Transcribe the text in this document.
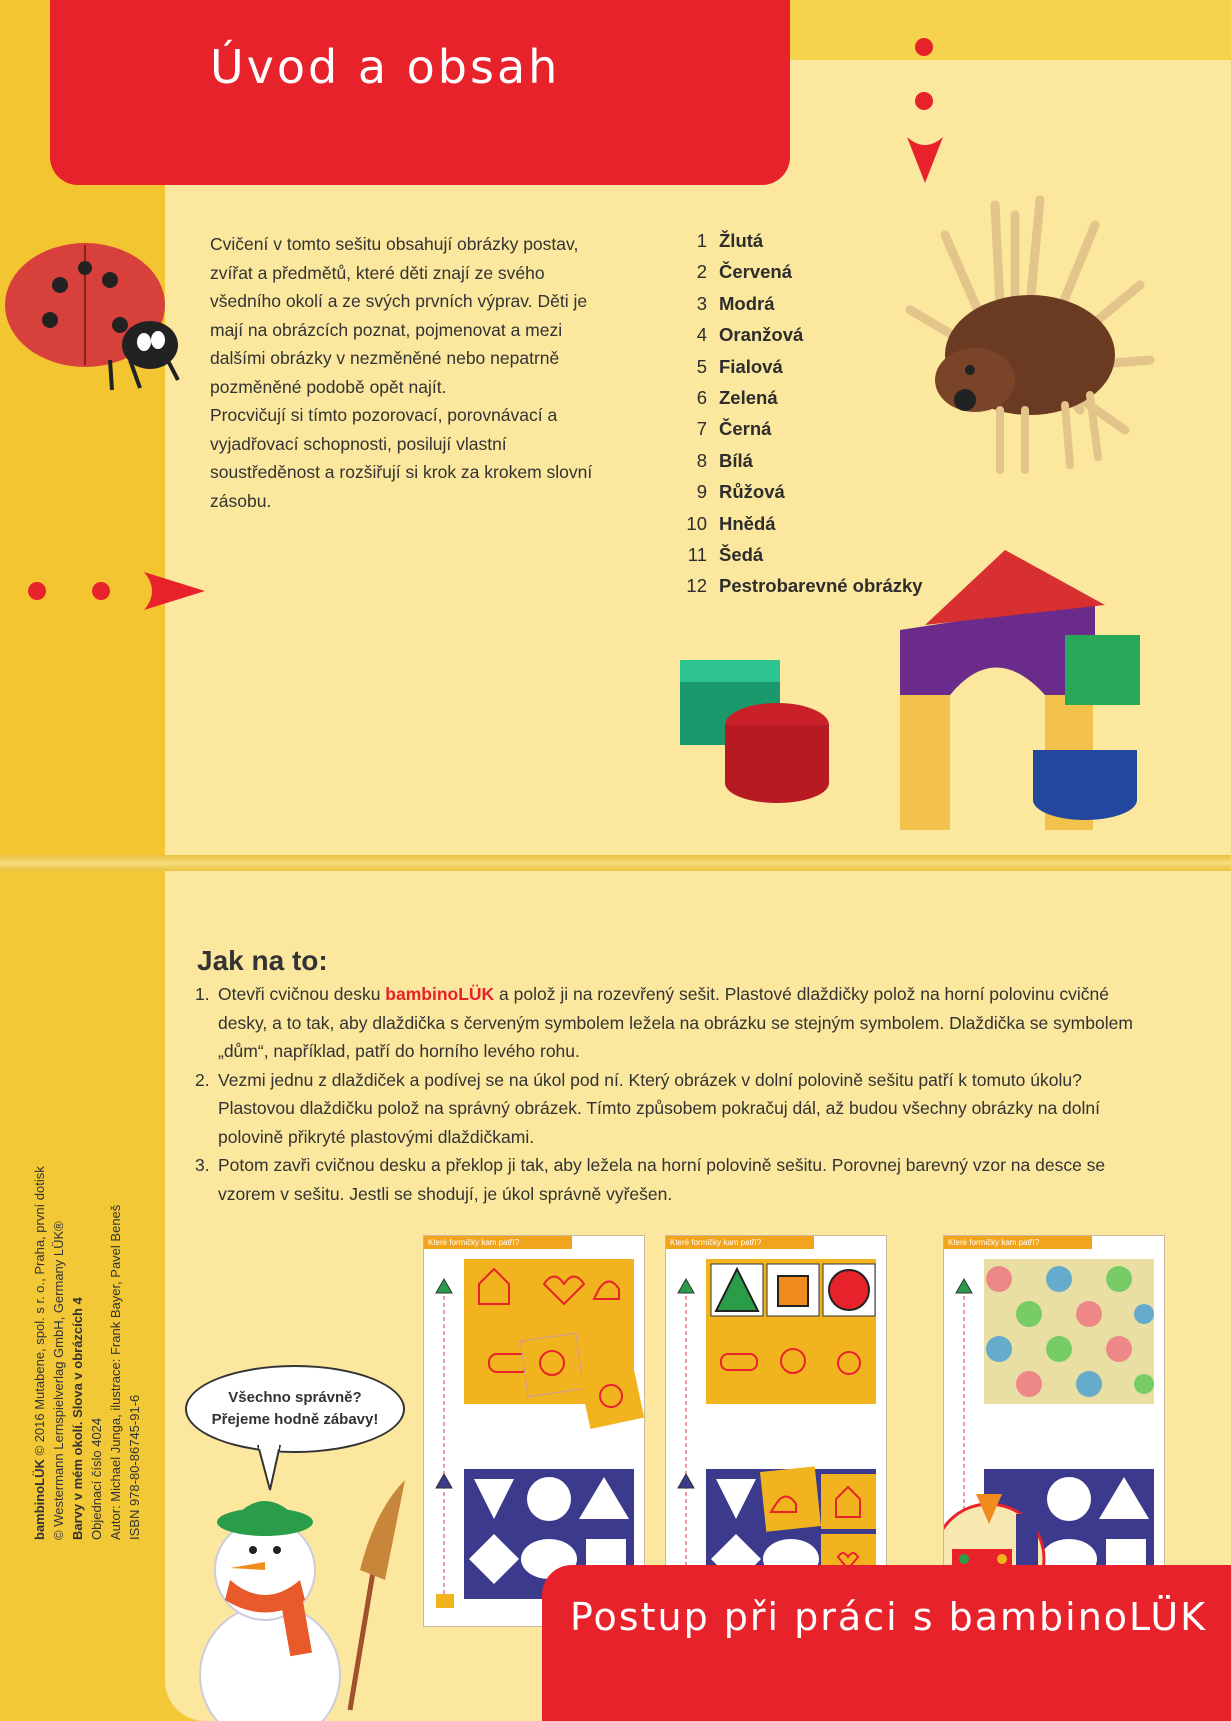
Úvod a obsah

Cvičení v tomto sešitu obsahují obrázky postav, zvířat a předmětů, které děti znají ze svého všedního okolí a ze svých prvních výprav. Děti je mají na obrázcích poznat, pojmenovat a mezi dalšími obrázky v nezměněné nebo nepatrně pozměněné podobě opět najít.

Procvičují si tímto pozorovací, porovnávací a vyjadřovací schopnosti, posilují vlastní soustředěnost a rozšiřují si krok za krokem slovní zásobu.

1 Žlutá
2 Červená
3 Modrá
4 Oranžová
5 Fialová
6 Zelená
7 Černá
8 Bílá
9 Růžová
10 Hnědá
11 Šedá
12 Pestrobarevné obrázky
Jak na to:
1. Otevři cvičnou desku bambinoLÜK a polož ji na rozevřený sešit. Plastové dlaždičky polož na horní polovinu cvičné desky, a to tak, aby dlaždička s červeným symbolem ležela na obrázku se stejným symbolem. Dlaždička se symbolem „dům“, například, patří do horního levého rohu.
2. Vezmi jednu z dlaždiček a podívej se na úkol pod ní. Který obrázek v dolní polovině sešitu patří k tomuto úkolu? Plastovou dlaždičku polož na správný obrázek. Tímto způsobem pokračuj dál, až budou všechny obrázky na dolní polovině přikryté plastovými dlaždičkami.
3. Potom zavři cvičnou desku a překlop ji tak, aby ležela na horní polovině sešitu. Porovnej barevný vzor na desce se vzorem v sešitu. Jestli se shodují, je úkol správně vyřešen.
Které formičky kam patří?	Které formičky kam patří?	Které formičky kam patří?
Všechno správně?
Přejeme hodně zábavy!
bambinoLÜK © 2016 Mutabene, spol. s r. o., Praha, první dotisk © Westermann Lernspielverlag GmbH, Germany LÜK® Barvy v mém okolí. Slova v obrázcích 4 Objednací číslo 4024 Autor: Michael Junga, ilustrace: Frank Bayer, Pavel Beneš ISBN 978-80-86745-91-6
Postup při práci s bambinoLÜK
